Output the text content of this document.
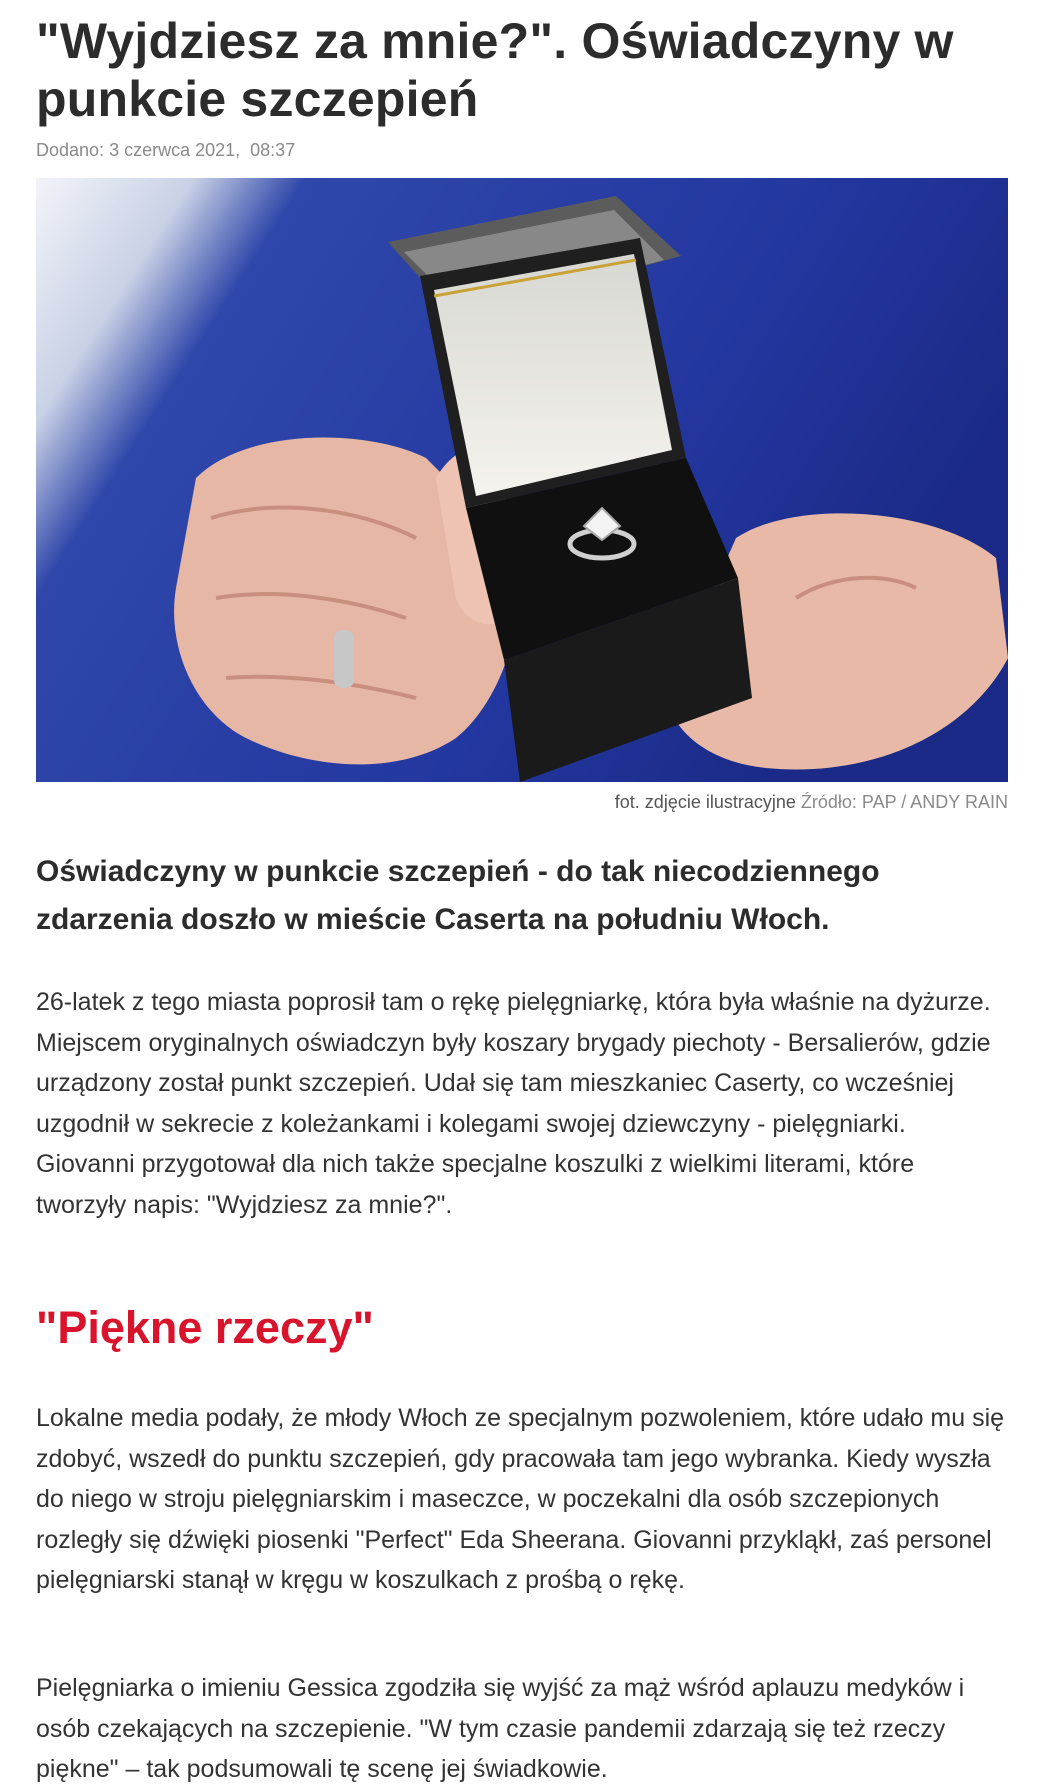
"Wyjdziesz za mnie?". Oświadczyny w punkcie szczepień
Dodano: 3 czerwca 2021, 08:37
fot. zdjęcie ilustracyjne Źródło: PAP / ANDY RAIN

Oświadczyny w punkcie szczepień - do tak niecodziennego zdarzenia doszło w mieście Caserta na południu Włoch.

26-latek z tego miasta poprosił tam o rękę pielęgniarkę, która była właśnie na dyżurze. Miejscem oryginalnych oświadczyn były koszary brygady piechoty - Bersalierów, gdzie urządzony został punkt szczepień. Udał się tam mieszkaniec Caserty, co wcześniej uzgodnił w sekrecie z koleżankami i kolegami swojej dziewczyny - pielęgniarki. Giovanni przygotował dla nich także specjalne koszulki z wielkimi literami, które tworzyły napis: "Wyjdziesz za mnie?".

"Piękne rzeczy"

Lokalne media podały, że młody Włoch ze specjalnym pozwoleniem, które udało mu się zdobyć, wszedł do punktu szczepień, gdy pracowała tam jego wybranka. Kiedy wyszła do niego w stroju pielęgniarskim i maseczce, w poczekalni dla osób szczepionych rozległy się dźwięki piosenki "Perfect" Eda Sheerana. Giovanni przykląkł, zaś personel pielęgniarski stanął w kręgu w koszulkach z prośbą o rękę.

Pielęgniarka o imieniu Gessica zgodziła się wyjść za mąż wśród aplauzu medyków i osób czekających na szczepienie. "W tym czasie pandemii zdarzają się też rzeczy piękne" – tak podsumowali tę scenę jej świadkowie.
